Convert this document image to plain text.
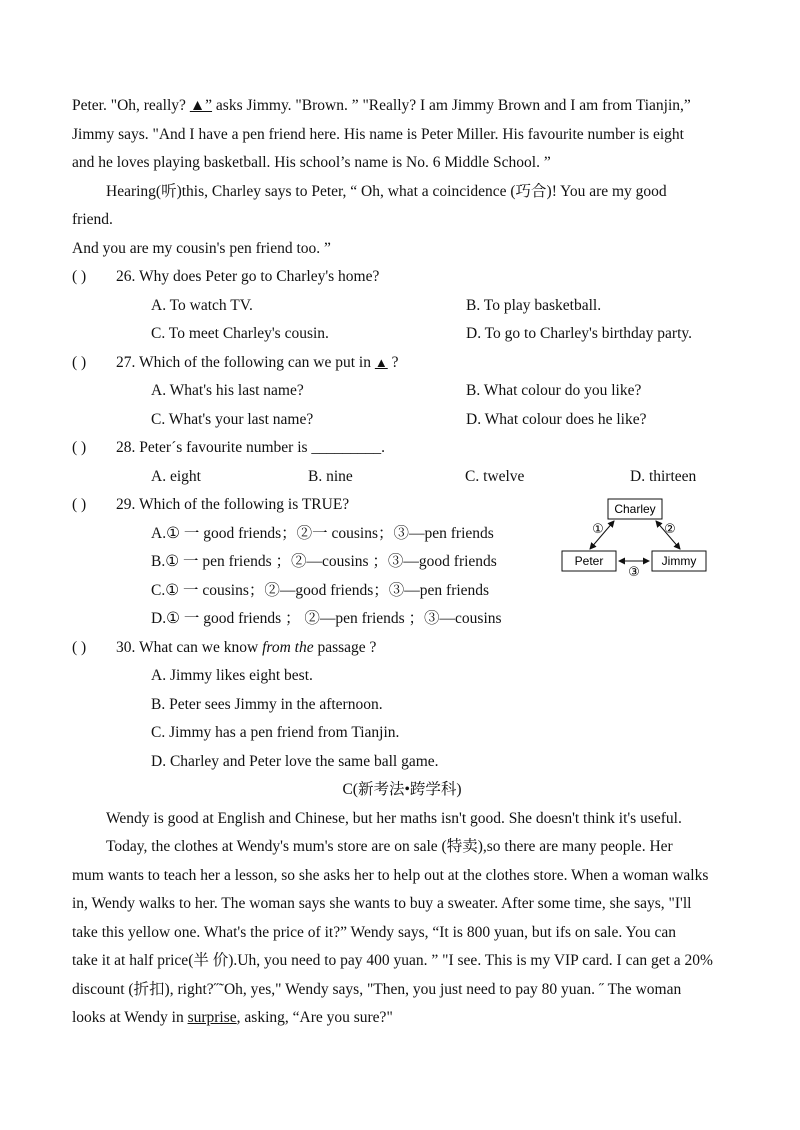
Peter. "Oh, really? ▲” asks Jimmy. "Brown. ” "Really? I am Jimmy Brown and I am from Tianjin,”

Jimmy says. "And I have a pen friend here. His name is Peter Miller. His favourite number is eight

and he loves playing basketball. His school’s name is No. 6 Middle School. ”

Hearing(听)this, Charley says to Peter, “ Oh, what a coincidence (巧合)! You are my good

friend.

And you are my cousin's pen friend too. ”

( )	26. Why does Peter go to Charley's home?
A. To watch TV.	B. To play basketball.
C. To meet Charley's cousin.	D. To go to Charley's birthday party.
( )	27. Which of the following can we put in ▲ ?
A. What's his last name?	B. What colour do you like?
C. What's your last name?	D. What colour does he like?
( )	28. Peterˊs favourite number is _________.
A. eight	B. nine	C. twelve	D. thirteen
( )	29. Which of the following is TRUE?
A.① 一 good friends；②一 cousins；③—pen friends
B.① 一 pen friends ；②—cousins ；③—good friends
C.① 一 cousins；②—good friends；③—pen friends
D.① 一 good friends ； ②—pen friends ；③—cousins
Charley
Peter	Jimmy
①	②
③
( )	30. What can we know from the passage ?
A. Jimmy likes eight best.
B. Peter sees Jimmy in the afternoon.
C. Jimmy has a pen friend from Tianjin.
D. Charley and Peter love the same ball game.

C(新考法•跨学科)

Wendy is good at English and Chinese, but her maths isn't good. She doesn't think it's useful.

Today, the clothes at Wendy's mum's store are on sale (特卖),so there are many people. Her

mum wants to teach her a lesson, so she asks her to help out at the clothes store. When a woman walks

in, Wendy walks to her. The woman says she wants to buy a sweater. After some time, she says, "I'll

take this yellow one. What's the price of it?” Wendy says, “It is 800 yuan, but ifs on sale. You can

take it at half price(半 价).Uh, you need to pay 400 yuan. ” "I see. This is my VIP card. I can get a 20%

discount (折扣), right?˝˜Oh, yes," Wendy says, "Then, you just need to pay 80 yuan. ˝ The woman

looks at Wendy in surprise, asking, “Are you sure?"
